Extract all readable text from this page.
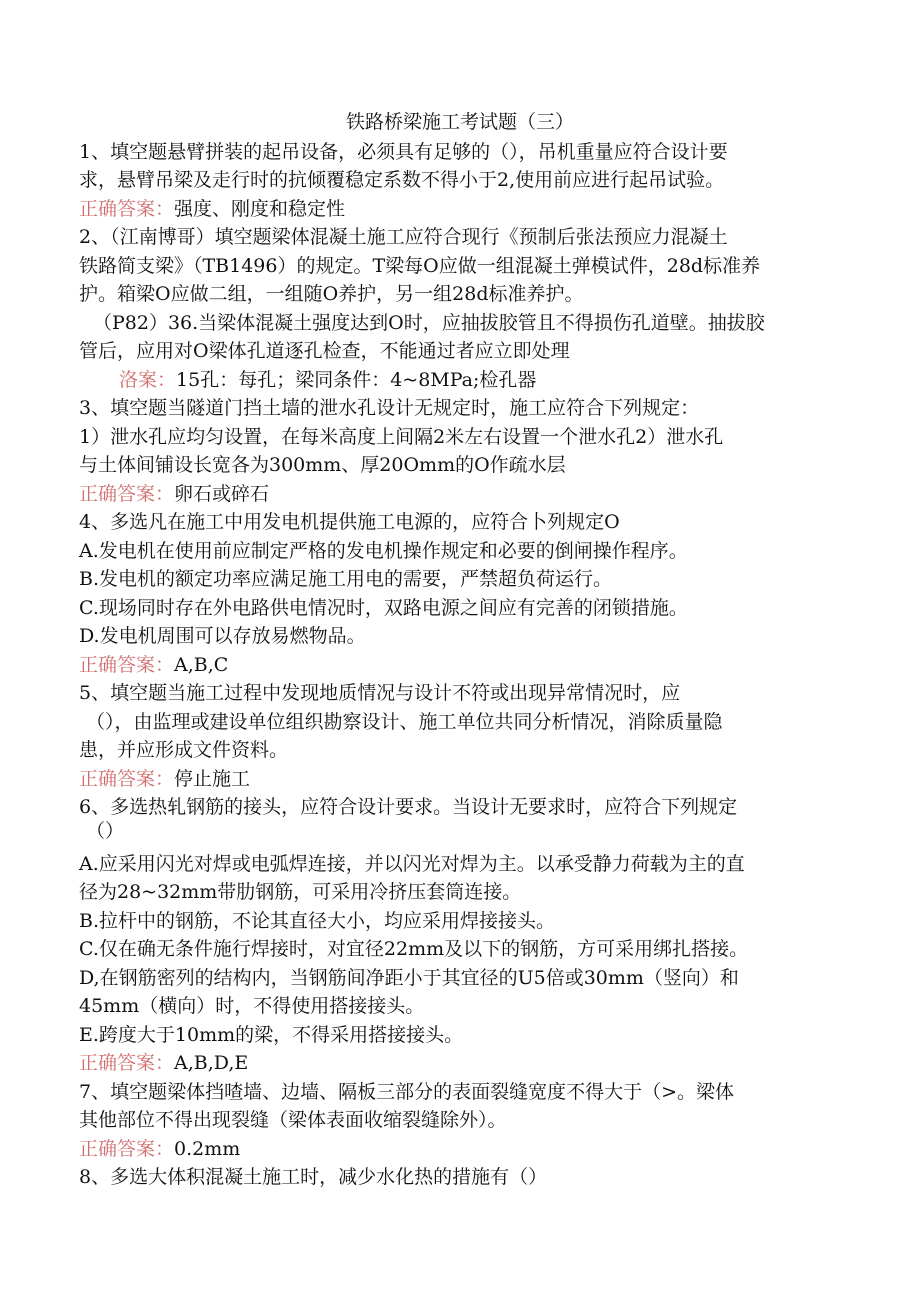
铁路桥梁施工考试题（三）
1、填空题悬臂拼装的起吊设备，必须具有足够的（），吊机重量应符合设计要
求，悬臂吊梁及走行时的抗倾覆稳定系数不得小于2,使用前应进行起吊试验。
正确答案：强度、刚度和稳定性
2、（江南博哥）填空题梁体混凝土施工应符合现行《预制后张法预应力混凝土
铁路简支梁》（TB1496）的规定。T梁每O应做一组混凝土弹模试件，28d标准养
护。箱梁O应做二组，一组随O养护，另一组28d标准养护。
（P82）36.当梁体混凝土强度达到O时，应抽拔胶管且不得损伤孔道壁。抽拔胶
管后，应用对O梁体孔道逐孔检查，不能通过者应立即处理
洛案：15孔：每孔；梁同条件：4~8MPa;检孔器
3、填空题当隧道门挡土墙的泄水孔设计无规定时，施工应符合下列规定：
1）泄水孔应均匀设置，在每米高度上间隔2米左右设置一个泄水孔2）泄水孔
与土体间铺设长宽各为300mm、厚20Omm的O作疏水层
正确答案：卵石或碎石
4、多选凡在施工中用发电机提供施工电源的，应符合卜列规定O
A.发电机在使用前应制定严格的发电机操作规定和必要的倒闸操作程序。
B.发电机的额定功率应满足施工用电的需要，严禁超负荷运行。
C.现场同时存在外电路供电情况时，双路电源之间应有完善的闭锁措施。
D.发电机周围可以存放易燃物品。
正确答案：A,B,C
5、填空题当施工过程中发现地质情况与设计不符或出现异常情况时，应
（），由监理或建设单位组织勘察设计、施工单位共同分析情况，消除质量隐
患，并应形成文件资料。
正确答案：停止施工
6、多选热轧钢筋的接头，应符合设计要求。当设计无要求时，应符合下列规定
（）
A.应采用闪光对焊或电弧焊连接，并以闪光对焊为主。以承受静力荷载为主的直
径为28~32mm带肋钢筋，可采用冷挤压套筒连接。
B.拉杆中的钢筋，不论其直径大小，均应采用焊接接头。
C.仅在确无条件施行焊接时，对宜径22mm及以下的钢筋，方可采用绑扎搭接。
D,在钢筋密列的结构内，当钢筋间净距小于其宜径的U5倍或30mm（竖向）和
45mm（横向）时，不得使用搭接接头。
E.跨度大于10mm的梁，不得采用搭接接头。
正确答案：A,B,D,E
7、填空题梁体挡喳墙、边墙、隔板三部分的表面裂缝宽度不得大于（>。梁体
其他部位不得出现裂缝（梁体表面收缩裂缝除外）。
正确答案：0.2mm
8、多选大体积混凝土施工时，减少水化热的措施有（）
